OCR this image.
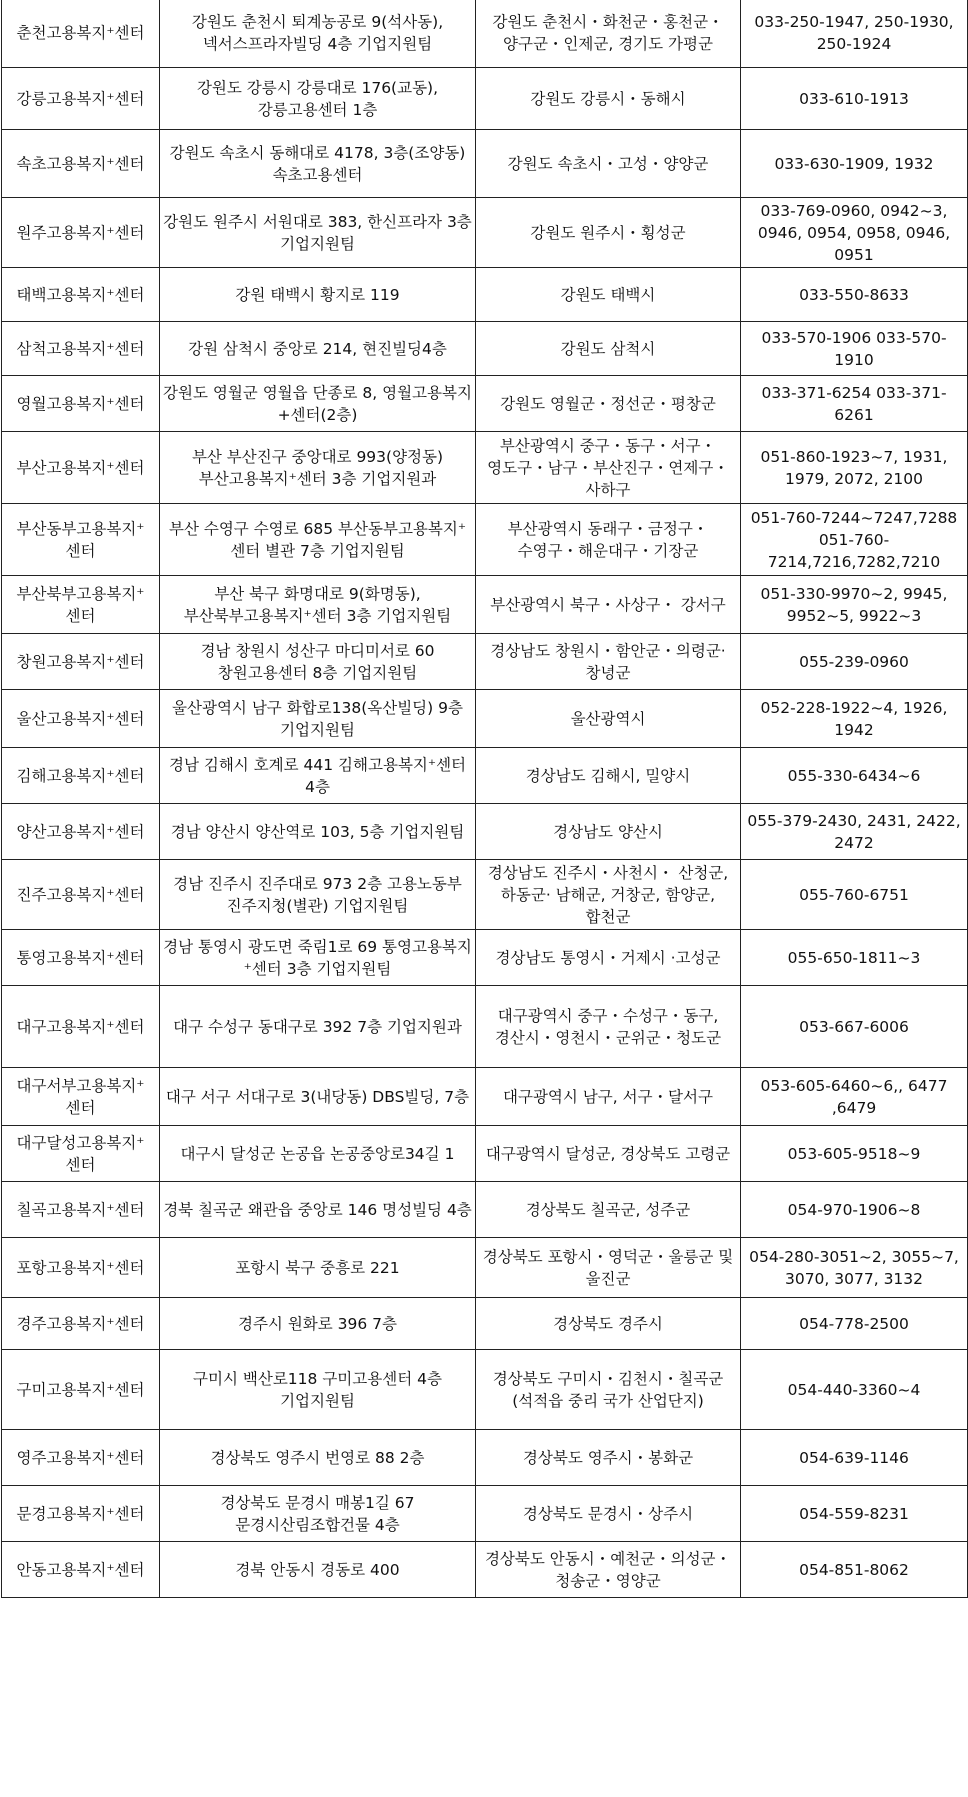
춘천고용복지⁺센터	강원도 춘천시 퇴계농공로 9(석사동), 넥서스프라자빌딩 4층 기업지원팀	강원도 춘천시・화천군・홍천군・양구군・인제군, 경기도 가평군	033-250-1947, 250-1930, 250-1924
강릉고용복지⁺센터	강원도 강릉시 강릉대로 176(교동), 강릉고용센터 1층	강원도 강릉시・동해시	033-610-1913
속초고용복지⁺센터	강원도 속초시 동해대로 4178, 3층(조양동) 속초고용센터	강원도 속초시・고성・양양군	033-630-1909, 1932
원주고용복지⁺센터	강원도 원주시 서원대로 383, 한신프라자 3층 기업지원팀	강원도 원주시・횡성군	033-769-0960, 0942~3, 0946, 0954, 0958, 0946, 0951
태백고용복지⁺센터	강원 태백시 황지로 119	강원도 태백시	033-550-8633
삼척고용복지⁺센터	강원 삼척시 중앙로 214, 현진빌딩4층	강원도 삼척시	033-570-1906 033-570-1910
영월고용복지⁺센터	강원도 영월군 영월읍 단종로 8, 영월고용복지+센터(2층)	강원도 영월군・정선군・평창군	033-371-6254 033-371-6261
부산고용복지⁺센터	부산 부산진구 중앙대로 993(양정동) 부산고용복지⁺센터 3층 기업지원과	부산광역시 중구・동구・서구・영도구・남구・부산진구・연제구・사하구	051-860-1923~7, 1931, 1979, 2072, 2100
부산동부고용복지⁺센터	부산 수영구 수영로 685 부산동부고용복지⁺센터 별관 7층 기업지원팀	부산광역시 동래구・금정구・수영구・해운대구・기장군	051-760-7244~7247,7288 051-760-7214,7216,7282,7210
부산북부고용복지⁺센터	부산 북구 화명대로 9(화명동), 부산북부고용복지⁺센터 3층 기업지원팀	부산광역시 북구・사상구・ 강서구	051-330-9970~2, 9945, 9952~5, 9922~3
창원고용복지⁺센터	경남 창원시 성산구 마디미서로 60 창원고용센터 8층 기업지원팀	경상남도 창원시・함안군・의령군·창녕군	055-239-0960
울산고용복지⁺센터	울산광역시 남구 화합로138(옥산빌딩) 9층 기업지원팀	울산광역시	052-228-1922~4, 1926, 1942
김해고용복지⁺센터	경남 김해시 호계로 441 김해고용복지⁺센터 4층	경상남도 김해시, 밀양시	055-330-6434~6
양산고용복지⁺센터	경남 양산시 양산역로 103, 5층 기업지원팀	경상남도 양산시	055-379-2430, 2431, 2422, 2472
진주고용복지⁺센터	경남 진주시 진주대로 973 2층 고용노동부 진주지청(별관) 기업지원팀	경상남도 진주시・사천시・ 산청군, 하동군· 남해군, 거창군, 함양군, 합천군	055-760-6751
통영고용복지⁺센터	경남 통영시 광도면 죽림1로 69 통영고용복지⁺센터 3층 기업지원팀	경상남도 통영시・거제시 ·고성군	055-650-1811~3
대구고용복지⁺센터	대구 수성구 동대구로 392 7층 기업지원과	대구광역시 중구・수성구・동구, 경산시・영천시・군위군・청도군	053-667-6006
대구서부고용복지⁺센터	대구 서구 서대구로 3(내당동) DBS빌딩, 7층	대구광역시 남구, 서구・달서구	053-605-6460~6,, 6477 ,6479
대구달성고용복지⁺센터	대구시 달성군 논공읍 논공중앙로34길 1	대구광역시 달성군, 경상북도 고령군	053-605-9518~9
칠곡고용복지⁺센터	경북 칠곡군 왜관읍 중앙로 146 명성빌딩 4층	경상북도 칠곡군, 성주군	054-970-1906~8
포항고용복지⁺센터	포항시 북구 중흥로 221	경상북도 포항시・영덕군・울릉군 및 울진군	054-280-3051~2, 3055~7, 3070, 3077, 3132
경주고용복지⁺센터	경주시 원화로 396 7층	경상북도 경주시	054-778-2500
구미고용복지⁺센터	구미시 백산로118 구미고용센터 4층 기업지원팀	경상북도 구미시・김천시・칠곡군 (석적읍 중리 국가 산업단지)	054-440-3360~4
영주고용복지⁺센터	경상북도 영주시 번영로 88 2층	경상북도 영주시・봉화군	054-639-1146
문경고용복지⁺센터	경상북도 문경시 매봉1길 67 문경시산림조합건물 4층	경상북도 문경시・상주시	054-559-8231
안동고용복지⁺센터	경북 안동시 경동로 400	경상북도 안동시・예천군・의성군・청송군・영양군	054-851-8062
